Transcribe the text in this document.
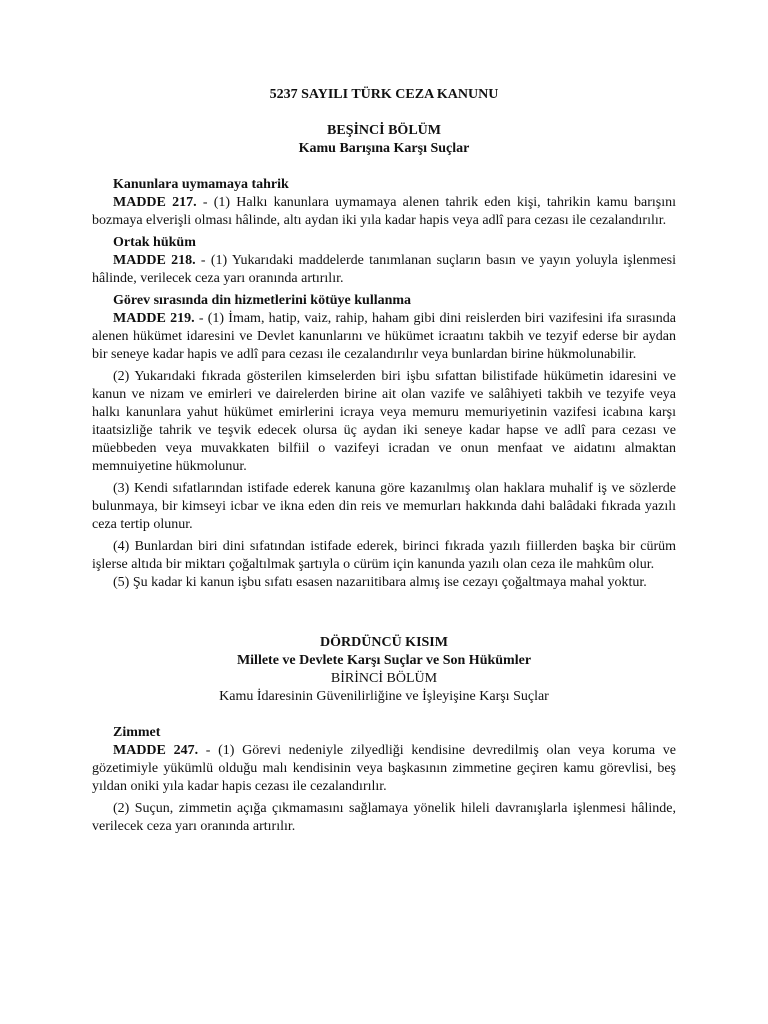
5237 SAYILI TÜRK CEZA KANUNU
BEŞİNCİ BÖLÜM
Kamu Barışına Karşı Suçlar
Kanunlara uymamaya tahrik

MADDE 217. - (1) Halkı kanunlara uymamaya alenen tahrik eden kişi, tahrikin kamu barışını bozmaya elverişli olması hâlinde, altı aydan iki yıla kadar hapis veya adlî para cezası ile cezalandırılır.

Ortak hüküm

MADDE 218. - (1) Yukarıdaki maddelerde tanımlanan suçların basın ve yayın yoluyla işlenmesi hâlinde, verilecek ceza yarı oranında artırılır.

Görev sırasında din hizmetlerini kötüye kullanma

MADDE 219. - (1) İmam, hatip, vaiz, rahip, haham gibi dini reislerden biri vazifesini ifa sırasında alenen hükümet idaresini ve Devlet kanunlarını ve hükümet icraatını takbih ve tezyif ederse bir aydan bir seneye kadar hapis ve adlî para cezası ile cezalandırılır veya bunlardan birine hükmolunabilir.

(2) Yukarıdaki fıkrada gösterilen kimselerden biri işbu sıfattan bilistifade hükümetin idaresini ve kanun ve nizam ve emirleri ve dairelerden birine ait olan vazife ve salâhiyeti takbih ve tezyife veya halkı kanunlara yahut hükümet emirlerini icraya veya memuru memuriyetinin vazifesi icabına karşı itaatsizliğe tahrik ve teşvik edecek olursa üç aydan iki seneye kadar hapse ve adlî para cezası ve müebbeden veya muvakkaten bilfiil o vazifeyi icradan ve onun menfaat ve aidatını almaktan memnuiyetine hükmolunur.

(3) Kendi sıfatlarından istifade ederek kanuna göre kazanılmış olan haklara muhalif iş ve sözlerde bulunmaya, bir kimseyi icbar ve ikna eden din reis ve memurları hakkında dahi balâdaki fıkrada yazılı ceza tertip olunur.

(4) Bunlardan biri dini sıfatından istifade ederek, birinci fıkrada yazılı fiillerden başka bir cürüm işlerse altıda bir miktarı çoğaltılmak şartıyla o cürüm için kanunda yazılı olan ceza ile mahkûm olur.

(5) Şu kadar ki kanun işbu sıfatı esasen nazarıitibara almış ise cezayı çoğaltmaya mahal yoktur.

DÖRDÜNCÜ KISIM
Millete ve Devlete Karşı Suçlar ve Son Hükümler
BİRİNCİ BÖLÜM
Kamu İdaresinin Güvenilirliğine ve İşleyişine Karşı Suçlar
Zimmet

MADDE 247. - (1) Görevi nedeniyle zilyedliği kendisine devredilmiş olan veya koruma ve gözetimiyle yükümlü olduğu malı kendisinin veya başkasının zimmetine geçiren kamu görevlisi, beş yıldan oniki yıla kadar hapis cezası ile cezalandırılır.

(2) Suçun, zimmetin açığa çıkmamasını sağlamaya yönelik hileli davranışlarla işlenmesi hâlinde, verilecek ceza yarı oranında artırılır.
